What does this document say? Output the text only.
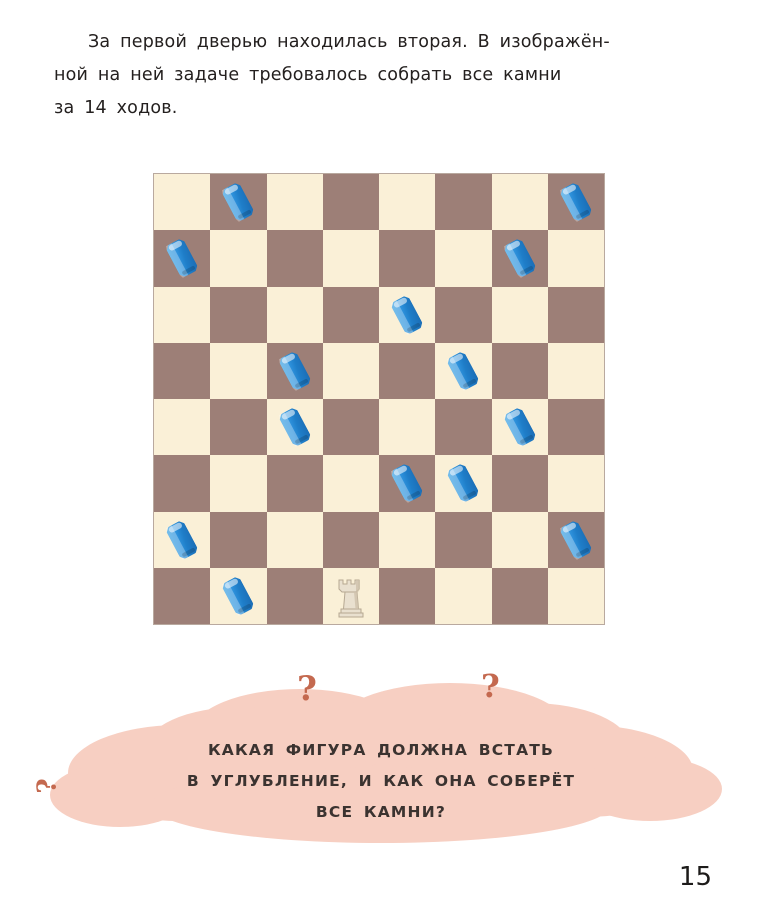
За первой дверью находилась вторая. В изображён-

ной на ней задаче требовалось собрать все камни

за 14 ходов.

?	?
?
КАКАЯ ФИГУРА ДОЛЖНА ВСТАТЬ
В УГЛУБЛЕНИЕ, И КАК ОНА СОБЕРЁТ
ВСЕ КАМНИ?
15
